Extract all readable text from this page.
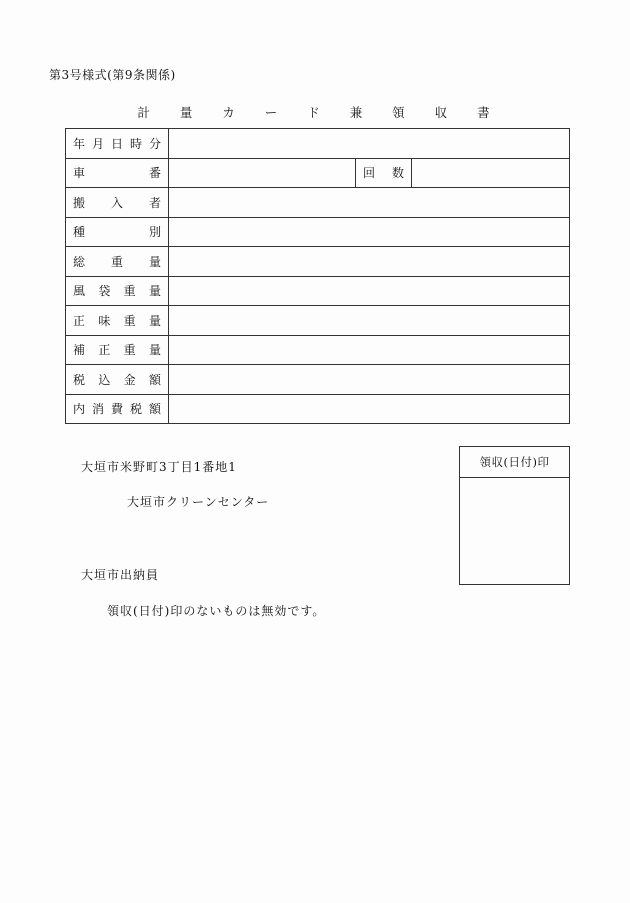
第3号様式(第9条関係)
計 量 カ ー ド 兼 領 収 書
年 月 日 時 分			

車 番		回 数	

搬 入 者			

種 別			

総 重 量			

風 袋 重 量			

正 味 重 量			

補 正 重 量			

税 込 金 額			

内 消 費 税 額			

領収(日付)印
大垣市米野町3丁目1番地1
大垣市クリーンセンター
大垣市出納員
領収(日付)印のないものは無効です。
